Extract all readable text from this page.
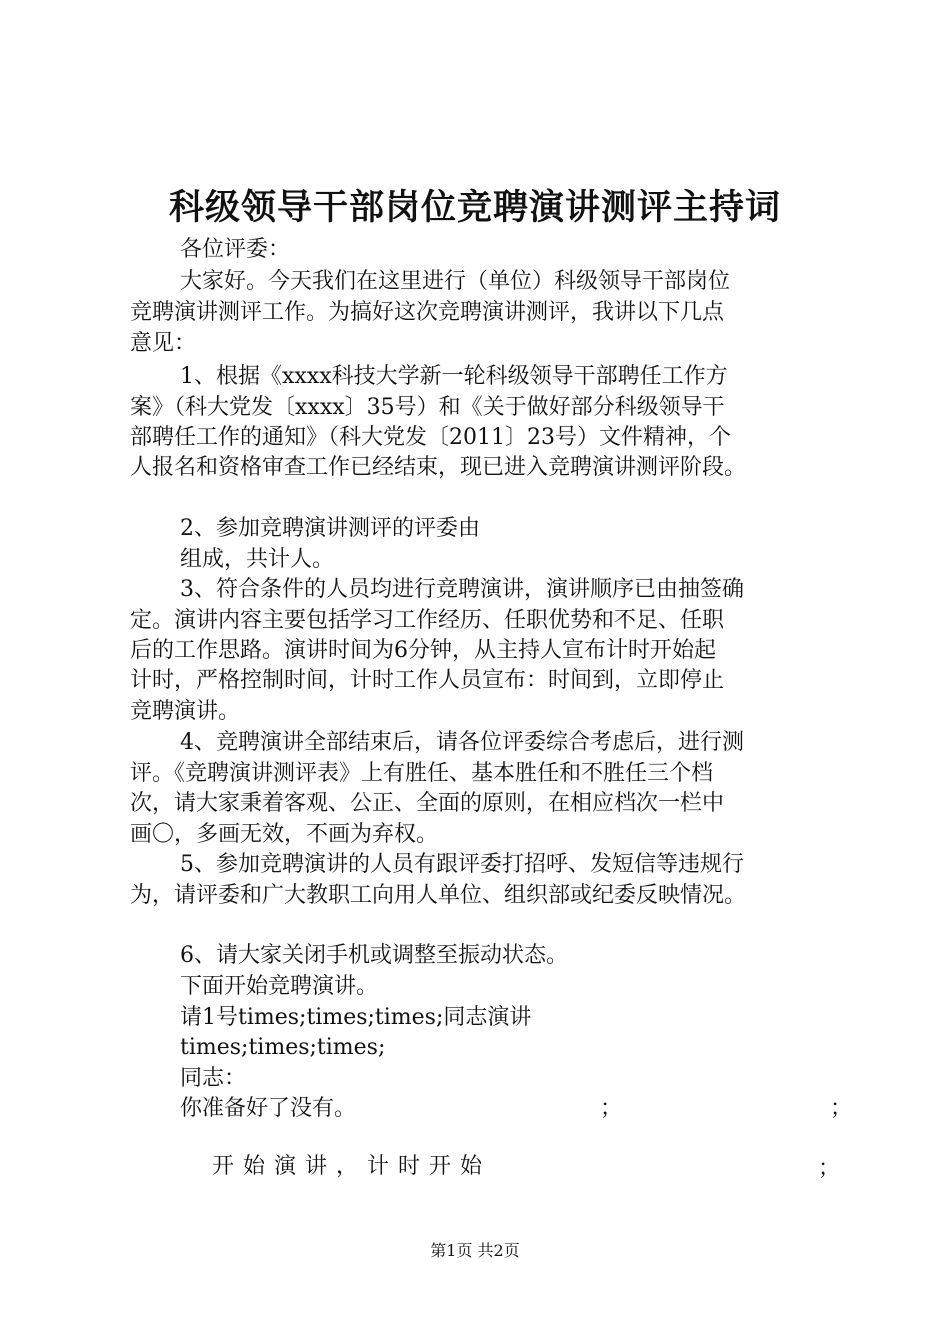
科级领导干部岗位竞聘演讲测评主持词
各位评委：
大家好。今天我们在这里进行（单位）科级领导干部岗位
竞聘演讲测评工作。为搞好这次竞聘演讲测评，我讲以下几点
意见：
1、根据《xxxx科技大学新一轮科级领导干部聘任工作方
案》（科大党发〔xxxx〕35号）和《关于做好部分科级领导干
部聘任工作的通知》（科大党发〔2011〕23号）文件精神，个
人报名和资格审查工作已经结束，现已进入竞聘演讲测评阶段。
2、参加竞聘演讲测评的评委由
组成，共计人。
3、符合条件的人员均进行竞聘演讲，演讲顺序已由抽签确
定。演讲内容主要包括学习工作经历、任职优势和不足、任职
后的工作思路。演讲时间为6分钟，从主持人宣布计时开始起
计时，严格控制时间，计时工作人员宣布：时间到，立即停止
竞聘演讲。
4、竞聘演讲全部结束后，请各位评委综合考虑后，进行测
评。《竞聘演讲测评表》上有胜任、基本胜任和不胜任三个档
次，请大家秉着客观、公正、全面的原则，在相应档次一栏中
画〇，多画无效，不画为弃权。
5、参加竞聘演讲的人员有跟评委打招呼、发短信等违规行
为，请评委和广大教职工向用人单位、组织部或纪委反映情况。
6、请大家关闭手机或调整至振动状态。
下面开始竞聘演讲。
请1号times;times;times;同志演讲
times;times;times;
同志：
你准备好了没有。	；	；
开始演讲，计时开始	；
第1页 共2页
